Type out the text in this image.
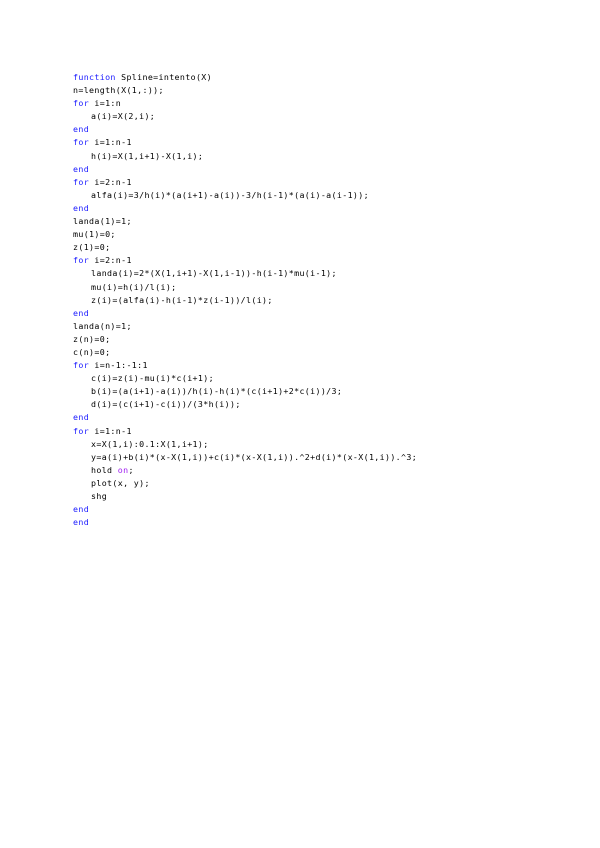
function Spline=intento(X)
n=length(X(1,:));
for i=1:n
a(i)=X(2,i);
end
for i=1:n-1
h(i)=X(1,i+1)-X(1,i);
end
for i=2:n-1
alfa(i)=3/h(i)*(a(i+1)-a(i))-3/h(i-1)*(a(i)-a(i-1));
end
landa(1)=1;
mu(1)=0;
z(1)=0;
for i=2:n-1
landa(i)=2*(X(1,i+1)-X(1,i-1))-h(i-1)*mu(i-1);
mu(i)=h(i)/l(i);
z(i)=(alfa(i)-h(i-1)*z(i-1))/l(i);
end
landa(n)=1;
z(n)=0;
c(n)=0;
for i=n-1:-1:1
c(i)=z(i)-mu(i)*c(i+1);
b(i)=(a(i+1)-a(i))/h(i)-h(i)*(c(i+1)+2*c(i))/3;
d(i)=(c(i+1)-c(i))/(3*h(i));
end
for i=1:n-1
x=X(1,i):0.1:X(1,i+1);
y=a(i)+b(i)*(x-X(1,i))+c(i)*(x-X(1,i)).^2+d(i)*(x-X(1,i)).^3;
hold on;
plot(x, y);
shg
end
end
